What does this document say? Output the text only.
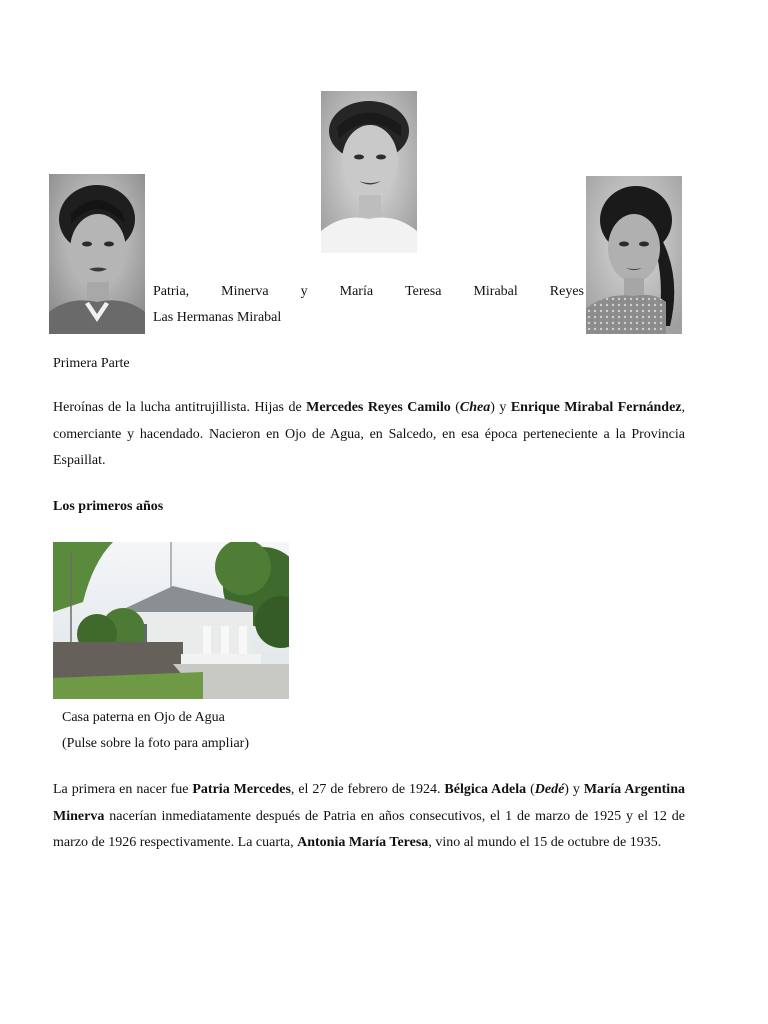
Patria, Minerva y María Teresa Mirabal Reyes
Las Hermanas Mirabal
Primera Parte
Heroínas de la lucha antitrujillista. Hijas de Mercedes Reyes Camilo (Chea) y Enrique Mirabal Fernández, comerciante y hacendado. Nacieron en Ojo de Agua, en Salcedo, en esa época perteneciente a la Provincia Espaillat.
Los primeros años
Casa paterna en Ojo de Agua
(Pulse sobre la foto para ampliar)
La primera en nacer fue Patria Mercedes, el 27 de febrero de 1924. Bélgica Adela (Dedé) y María Argentina Minerva nacerían inmediatamente después de Patria en años consecutivos, el 1 de marzo de 1925 y el 12 de marzo de 1926 respectivamente. La cuarta, Antonia María Teresa, vino al mundo el 15 de octubre de 1935.
